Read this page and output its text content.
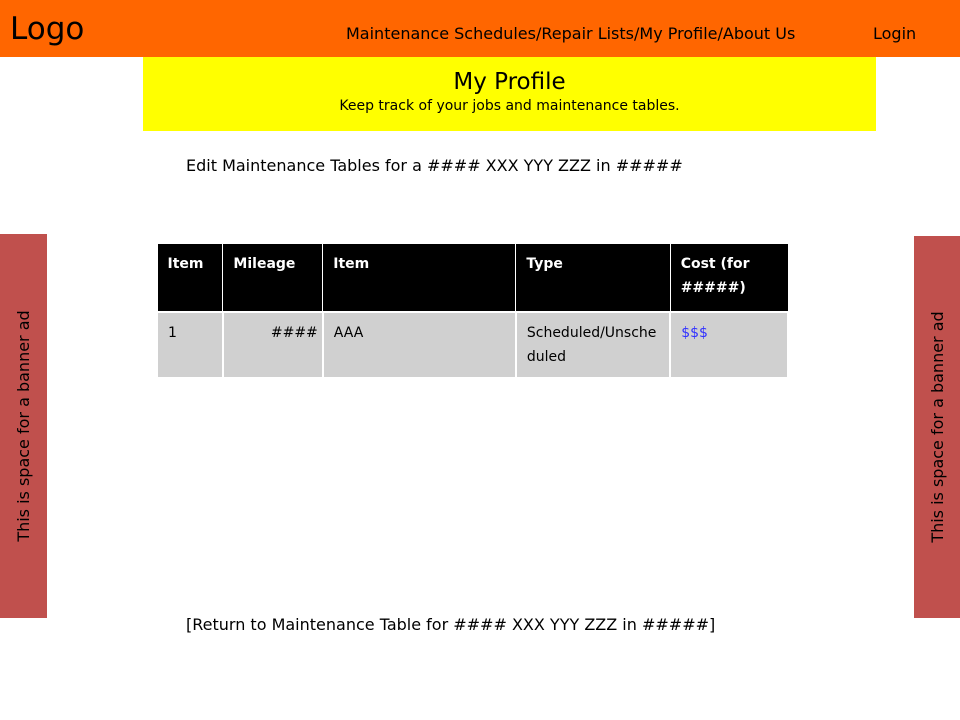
Logo	Maintenance Schedules/Repair Lists/My Profile/About Us	Login
My Profile
Keep track of your jobs and maintenance tables.
Edit Maintenance Tables for a #### XXX YYY ZZZ in #####
This is space for a banner ad	This is space for a banner ad
Item	Mileage	Item	Type	Cost (for #####)
1	####	AAA	Scheduled/Unscheduled	$$$
[Return to Maintenance Table for #### XXX YYY ZZZ in #####]
